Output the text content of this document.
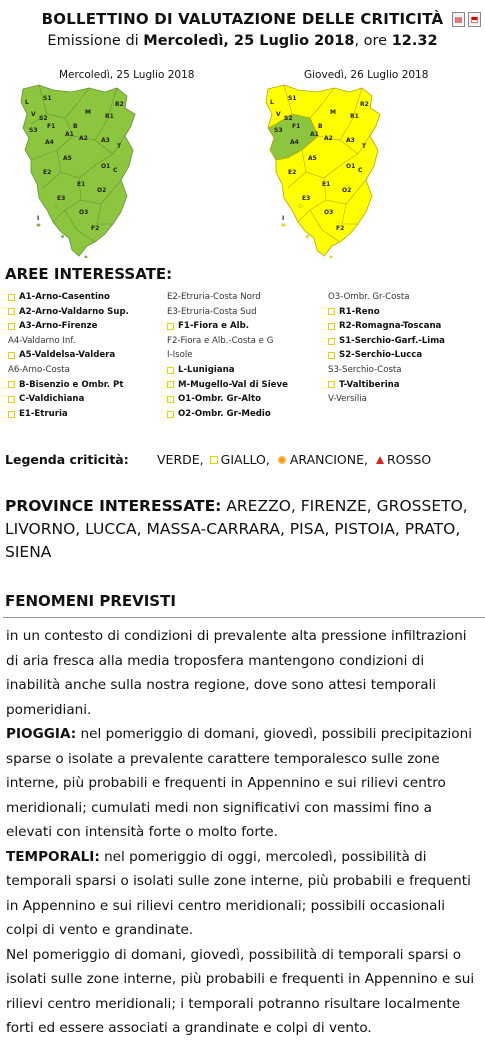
BOLLETTINO DI VALUTAZIONE DELLE CRITICITÀ
Emissione di Mercoledì, 25 Luglio 2018, ore 12.32
▤	⬒
Mercoledì, 25 Luglio 2018	Giovedì, 26 Luglio 2018
R2
S1
L
S2
F1
R1
M
A1
A3
A2
T
A5
A4
B
O1
E1
O3
O2
S3
C
E2
E3
I
V
F2
R2
S1
L
S2
F1
R1
M
A1
A3
A2
T
A5
A4
B
O1
E1
O3
O2
S3
C
E2
E3
I
V
F2
AREE INTERESSATE:
A1-Arno-Casentino
A2-Arno-Valdarno Sup.
A3-Arno-Firenze
A4-Valdarno Inf.
A5-Valdelsa-Valdera
A6-Arno-Costa
B-Bisenzio e Ombr. Pt
C-Valdichiana
E1-Etruria
E2-Etruria-Costa Nord
E3-Etruria-Costa Sud
F1-Fiora e Alb.
F2-Fiora e Alb.-Costa e G
I-Isole
L-Lunigiana
M-Mugello-Val di Sieve
O1-Ombr. Gr-Alto
O2-Ombr. Gr-Medio
O3-Ombr. Gr-Costa
R1-Reno
R2-Romagna-Toscana
S1-Serchio-Garf.-Lima
S2-Serchio-Lucca
S3-Serchio-Costa
T-Valtiberina
V-Versilia
Legenda criticità: VERDE, GIALLO, ARANCIONE, ROSSO
PROVINCE INTERESSATE: AREZZO, FIRENZE, GROSSETO, LIVORNO, LUCCA, MASSA-CARRARA, PISA, PISTOIA, PRATO, SIENA
FENOMENI PREVISTI

in un contesto di condizioni di prevalente alta pressione infiltrazioni di aria fresca alla media troposfera mantengono condizioni di inabilità anche sulla nostra regione, dove sono attesi temporali pomeridiani.

PIOGGIA: nel pomeriggio di domani, giovedì, possibili precipitazioni sparse o isolate a prevalente carattere temporalesco sulle zone interne, più probabili e frequenti in Appennino e sui rilievi centro meridionali; cumulati medi non significativi con massimi fino a elevati con intensità forte o molto forte.

TEMPORALI: nel pomeriggio di oggi, mercoledì, possibilità di temporali sparsi o isolati sulle zone interne, più probabili e frequenti in Appennino e sui rilievi centro meridionali; possibili occasionali colpi di vento e grandinate.

Nel pomeriggio di domani, giovedì, possibilità di temporali sparsi o isolati sulle zone interne, più probabili e frequenti in Appennino e sui rilievi centro meridionali; i temporali potranno risultare localmente forti ed essere associati a grandinate e colpi di vento.
